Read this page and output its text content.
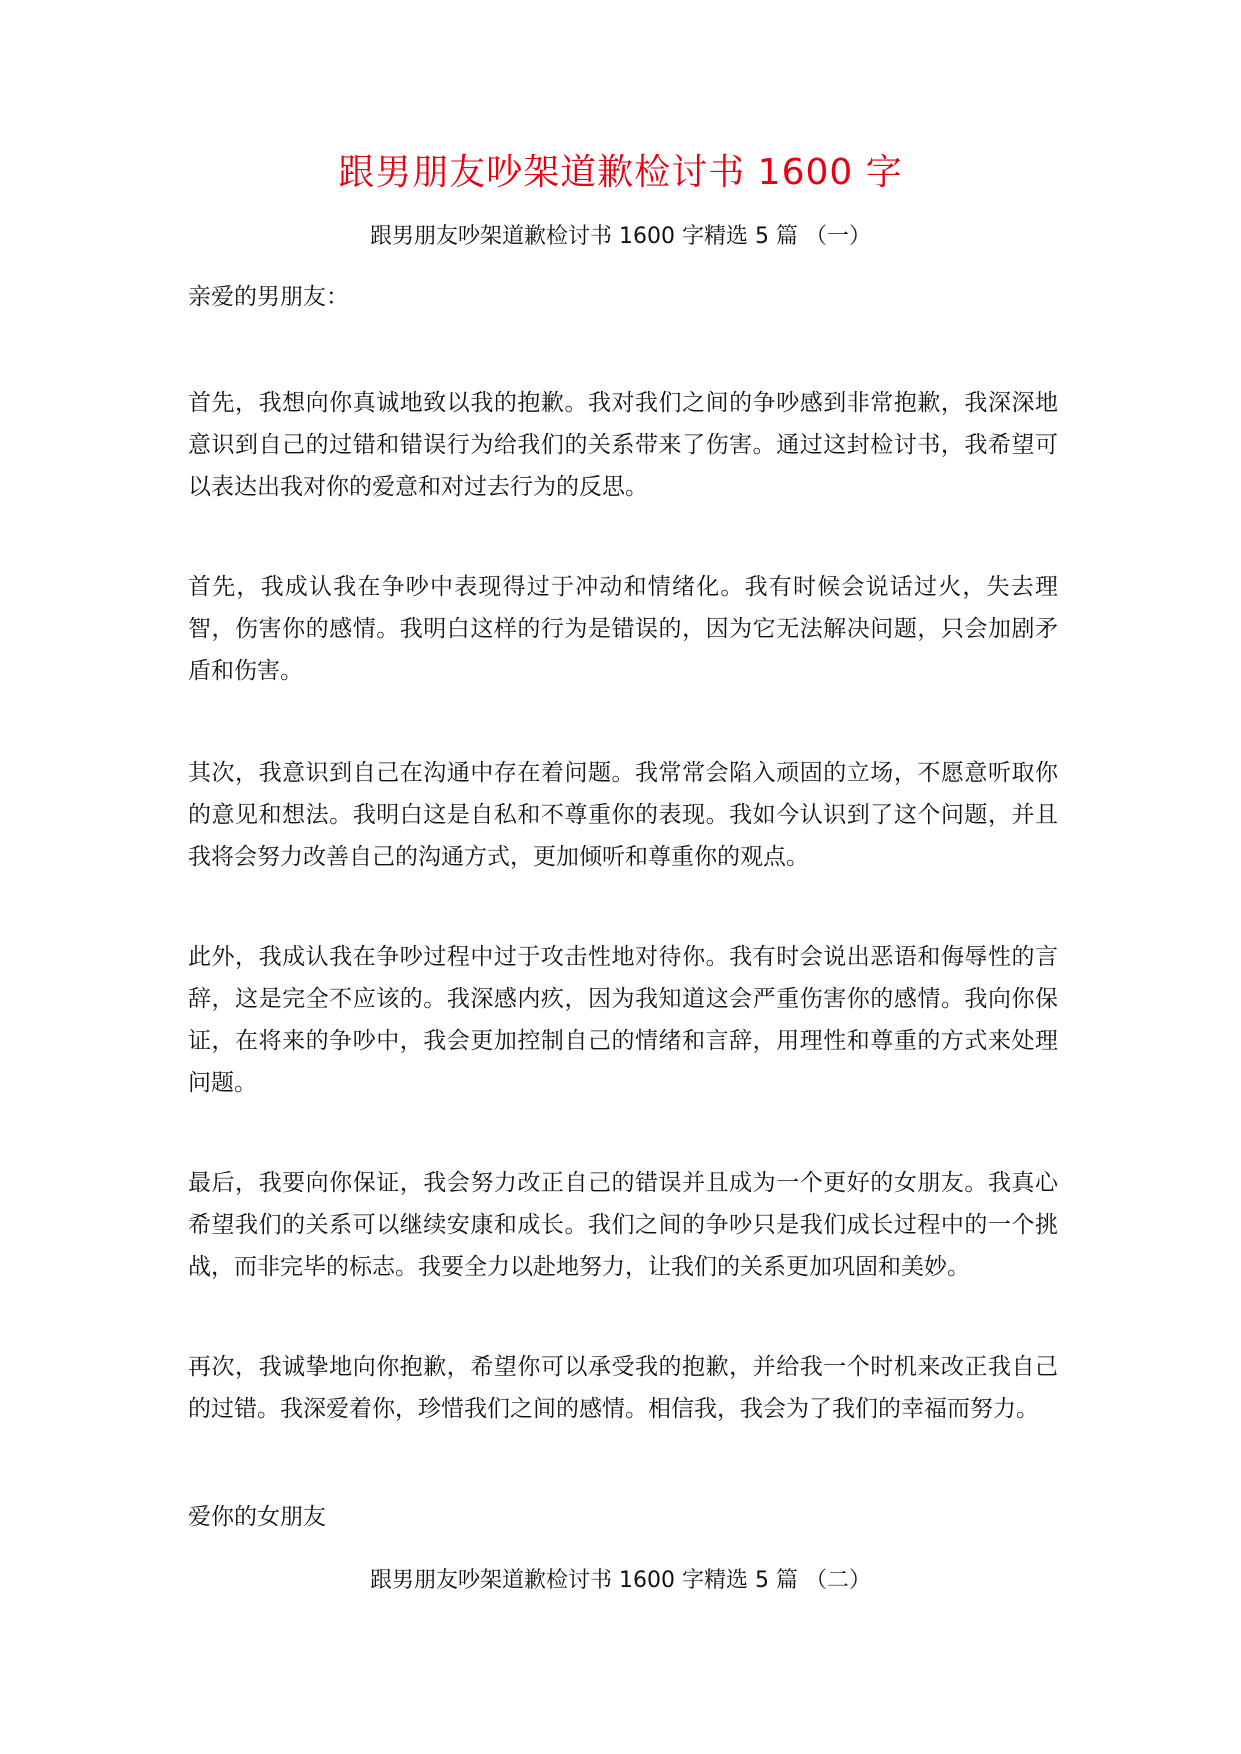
跟男朋友吵架道歉检讨书 1600 字
跟男朋友吵架道歉检讨书 1600 字精选 5 篇 （一）

亲爱的男朋友：

首先，我想向你真诚地致以我的抱歉。我对我们之间的争吵感到非常抱歉，我深深地意识到自己的过错和错误行为给我们的关系带来了伤害。通过这封检讨书，我希望可以表达出我对你的爱意和对过去行为的反思。

首先，我成认我在争吵中表现得过于冲动和情绪化。我有时候会说话过火，失去理智，伤害你的感情。我明白这样的行为是错误的，因为它无法解决问题，只会加剧矛盾和伤害。

其次，我意识到自己在沟通中存在着问题。我常常会陷入顽固的立场，不愿意听取你的意见和想法。我明白这是自私和不尊重你的表现。我如今认识到了这个问题，并且我将会努力改善自己的沟通方式，更加倾听和尊重你的观点。

此外，我成认我在争吵过程中过于攻击性地对待你。我有时会说出恶语和侮辱性的言辞，这是完全不应该的。我深感内疚，因为我知道这会严重伤害你的感情。我向你保证，在将来的争吵中，我会更加控制自己的情绪和言辞，用理性和尊重的方式来处理问题。

最后，我要向你保证，我会努力改正自己的错误并且成为一个更好的女朋友。我真心希望我们的关系可以继续安康和成长。我们之间的争吵只是我们成长过程中的一个挑战，而非完毕的标志。我要全力以赴地努力，让我们的关系更加巩固和美妙。

再次，我诚挚地向你抱歉，希望你可以承受我的抱歉，并给我一个时机来改正我自己的过错。我深爱着你，珍惜我们之间的感情。相信我，我会为了我们的幸福而努力。

爱你的女朋友

跟男朋友吵架道歉检讨书 1600 字精选 5 篇 （二）
